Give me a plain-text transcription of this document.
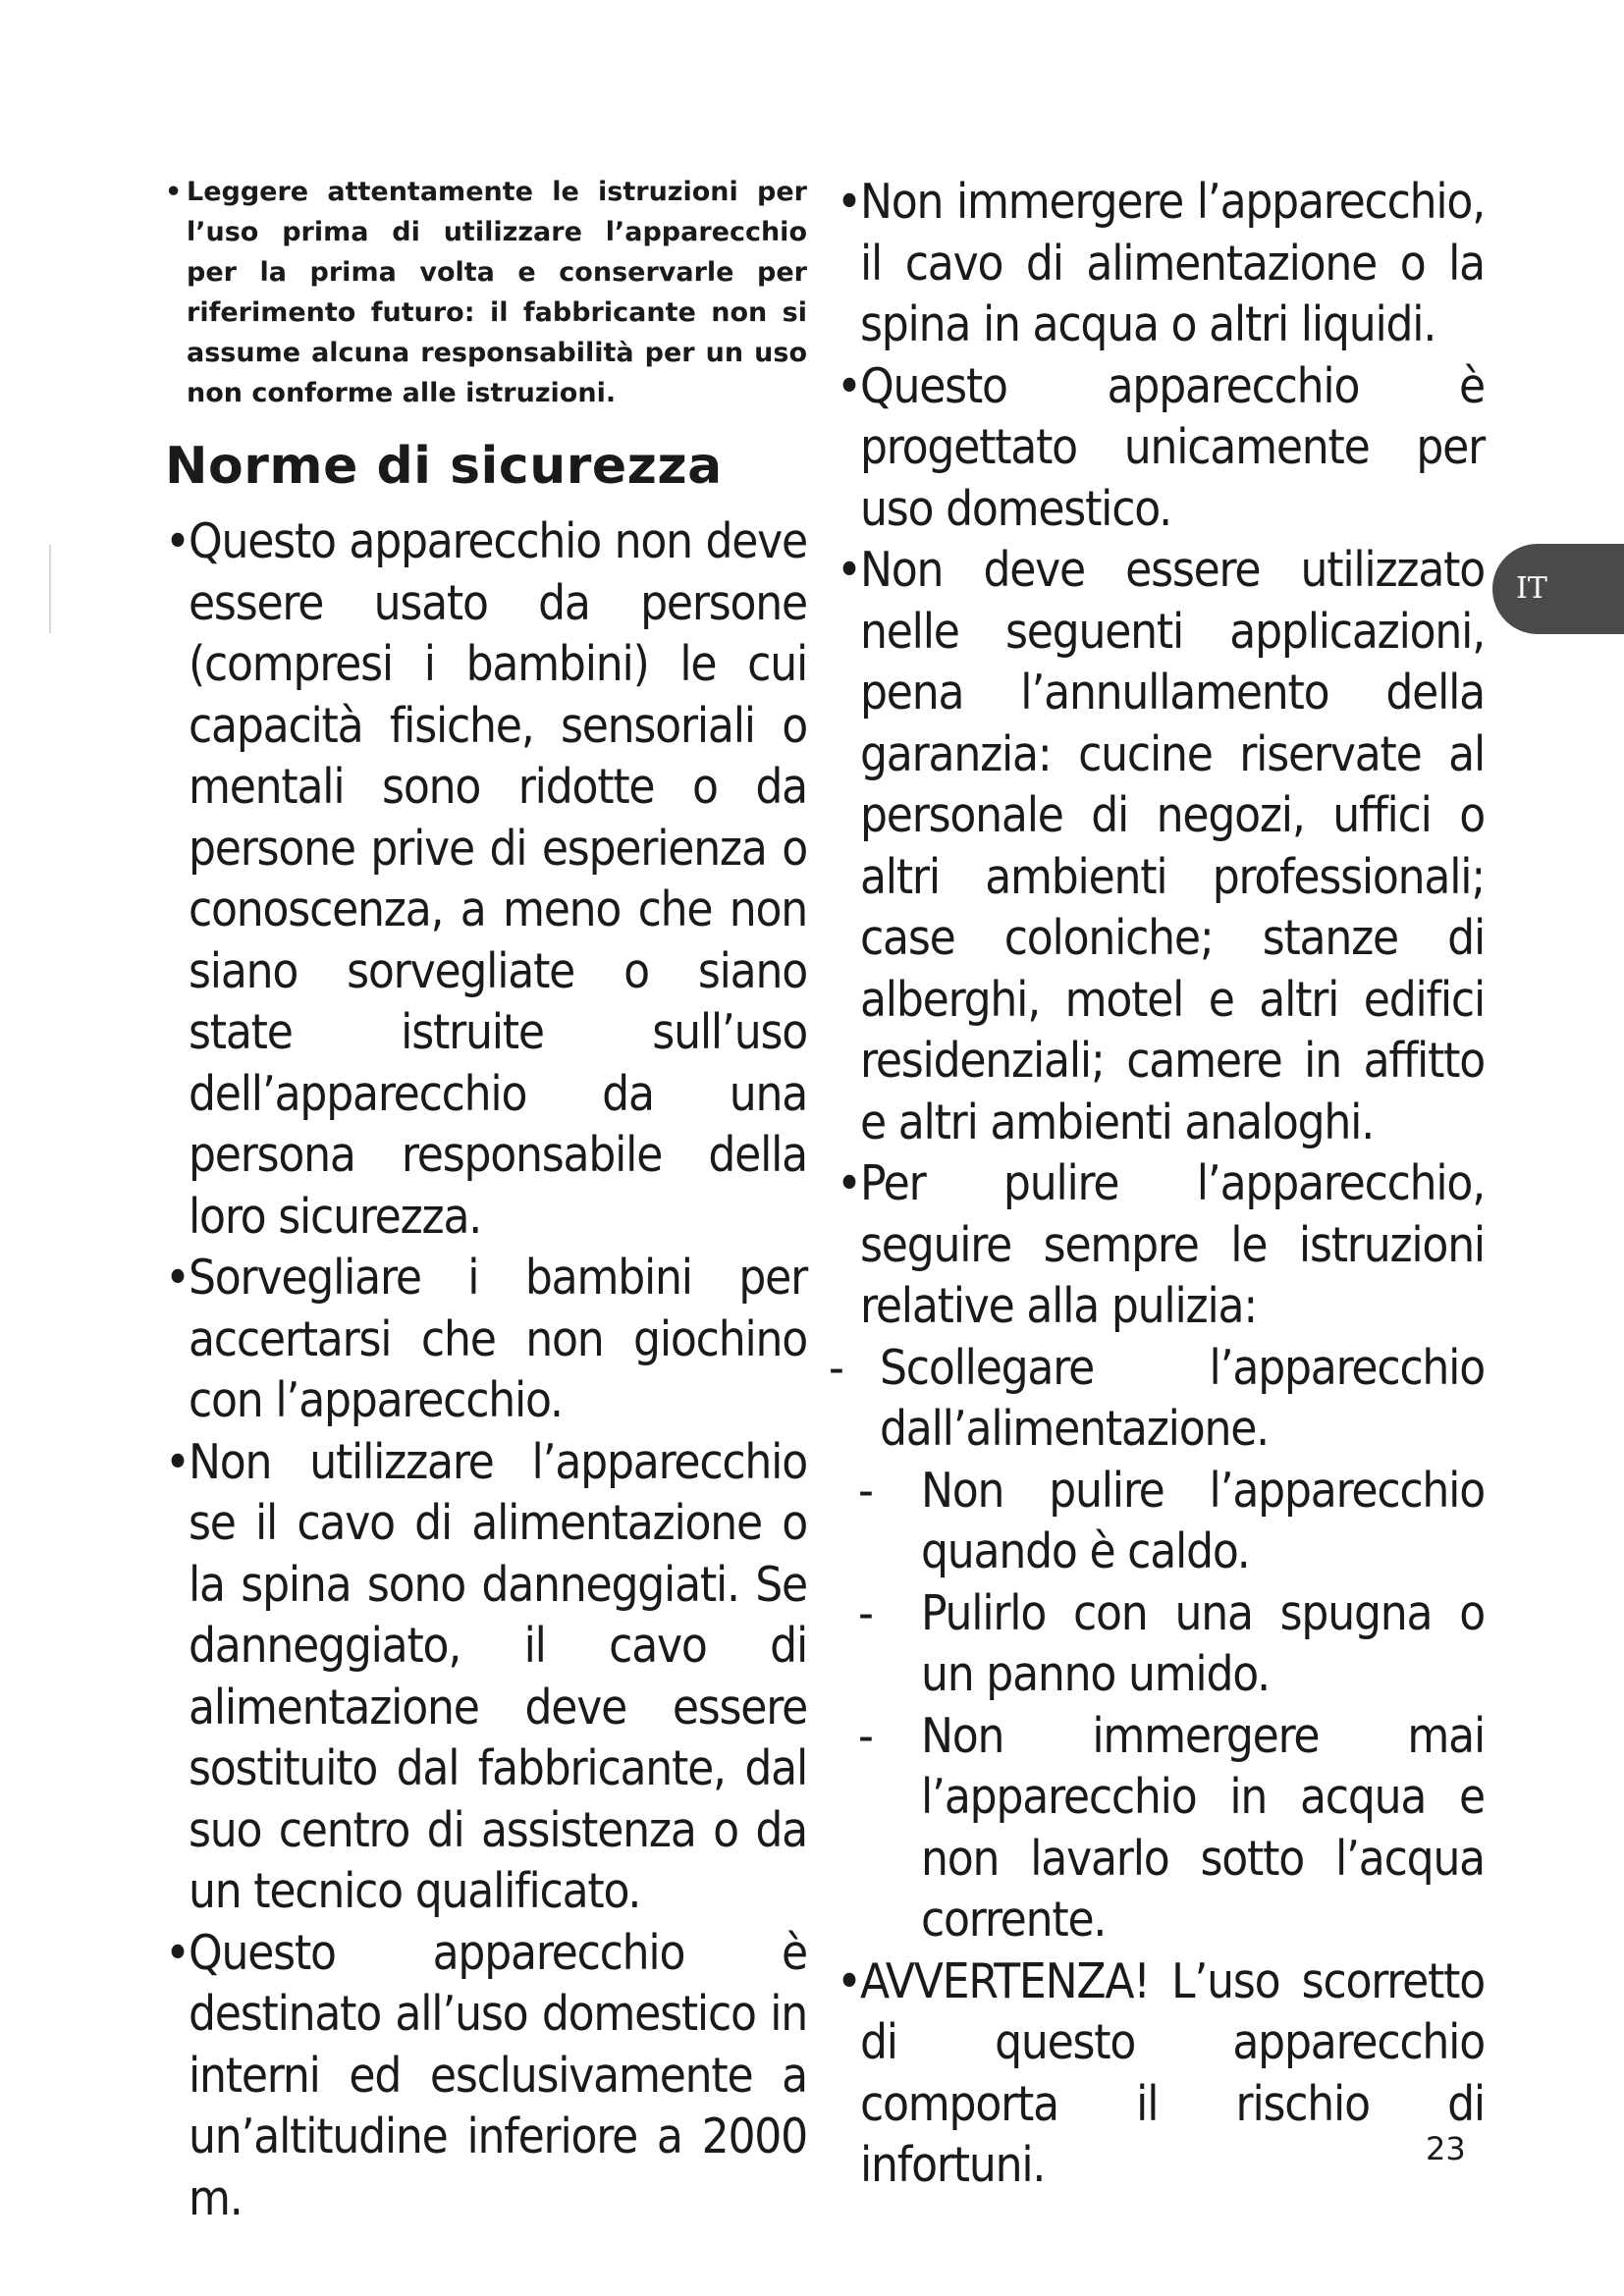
• Leggere attentamente le istruzioni per l’uso prima di utilizzare l’apparecchio per la prima volta e conservarle per riferimento futuro: il fabbricante non si assume alcuna responsabilità per un uso non conforme alle istruzioni.

Norme di sicurezza

• Questo apparecchio non deve essere usato da persone (compresi i bambini) le cui capacità fisiche, sensoriali o mentali sono ridotte o da persone prive di esperienza o conoscenza, a meno che non siano sorvegliate o siano state istruite sull’uso dell’apparecchio da una persona responsabile della loro sicurezza.

• Sorvegliare i bambini per accertarsi che non giochino con l’apparecchio.

• Non utilizzare l’apparecchio se il cavo di alimentazione o la spina sono danneggiati. Se danneggiato, il cavo di alimentazione deve essere sostituito dal fabbricante, dal suo centro di assistenza o da un tecnico qualificato.

• Questo apparecchio è destinato all’uso domestico in interni ed esclusivamente a un’altitudine inferiore a 2000 m.

• Non immergere l’apparecchio, il cavo di alimentazione o la spina in acqua o altri liquidi.

• Questo apparecchio è progettato unicamente per uso domestico.

• Non deve essere utilizzato nelle seguenti applicazioni, pena l’annullamento della garanzia: cucine riservate al personale di negozi, uffici o altri ambienti professionali; case coloniche; stanze di alberghi, motel e altri edifici residenziali; camere in affitto e altri ambienti analoghi.

• Per pulire l’apparecchio, seguire sempre le istruzioni relative alla pulizia:

- Scollegare l’apparecchio dall’alimentazione.

- Non pulire l’apparecchio quando è caldo.

- Pulirlo con una spugna o un panno umido.

- Non immergere mai l’apparecchio in acqua e non lavarlo sotto l’acqua corrente.

• AVVERTENZA! L’uso scorretto di questo apparecchio comporta il rischio di infortuni.

IT
23
